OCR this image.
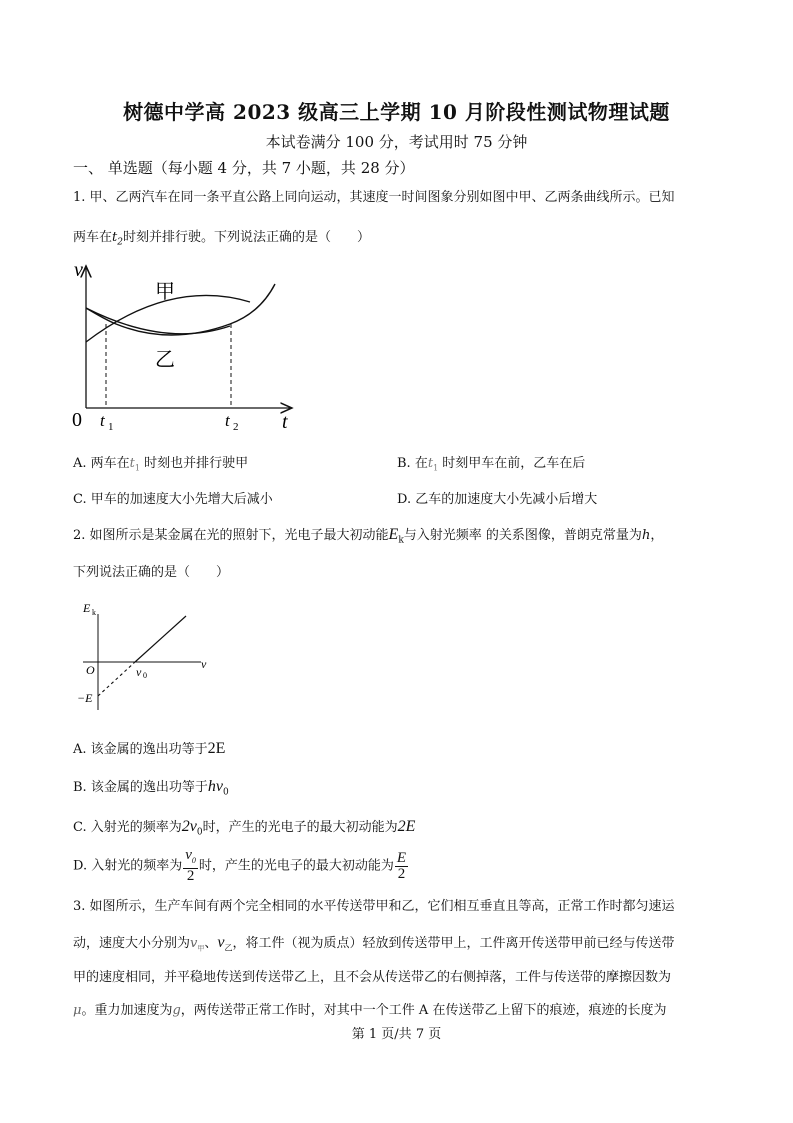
树德中学高 2023 级高三上学期 10 月阶段性测试物理试题
本试卷满分 100 分，考试用时 75 分钟
一、 单选题（每小题 4 分，共 7 小题，共 28 分）
1. 甲、乙两汽车在同一条平直公路上同向运动，其速度一时间图象分别如图中甲、乙两条曲线所示。已知
两车在$t_2$时刻并排行驶。下列说法正确的是（　　）
v
t
0
甲
乙
t 1	t 2
A. 两车在$t_1$ 时刻也并排行驶甲	B. 在$t_1$ 时刻甲车在前，乙车在后
C. 甲车的加速度大小先增大后减小	D. 乙车的加速度大小先减小后增大
2. 如图所示是某金属在光的照射下，光电子最大初动能$E_k$与入射光频率 的关系图像，普朗克常量为h，
下列说法正确的是（　　）
E k
O	ν
ν 0
−E
A. 该金属的逸出功等于2E
B. 该金属的逸出功等于$h\nu_0$
C. 入射光的频率为$2\nu_0$时，产生的光电子的最大初动能为2E
D. 入射光的频率为 $\frac{\nu_0}{2}$ 时，产生的光电子的最大初动能为 $\frac{E}{2}$
3. 如图所示，生产车间有两个完全相同的水平传送带甲和乙，它们相互垂直且等高，正常工作时都匀速运
动，速度大小分别为$v_甲$、$v_乙$，将工件（视为质点）轻放到传送带甲上，工件离开传送带甲前已经与传送带
甲的速度相同，并平稳地传送到传送带乙上，且不会从传送带乙的右侧掉落，工件与传送带的摩擦因数为
μ。重力加速度为g，两传送带正常工作时，对其中一个工件 A 在传送带乙上留下的痕迹，痕迹的长度为
第 1 页/共 7 页
